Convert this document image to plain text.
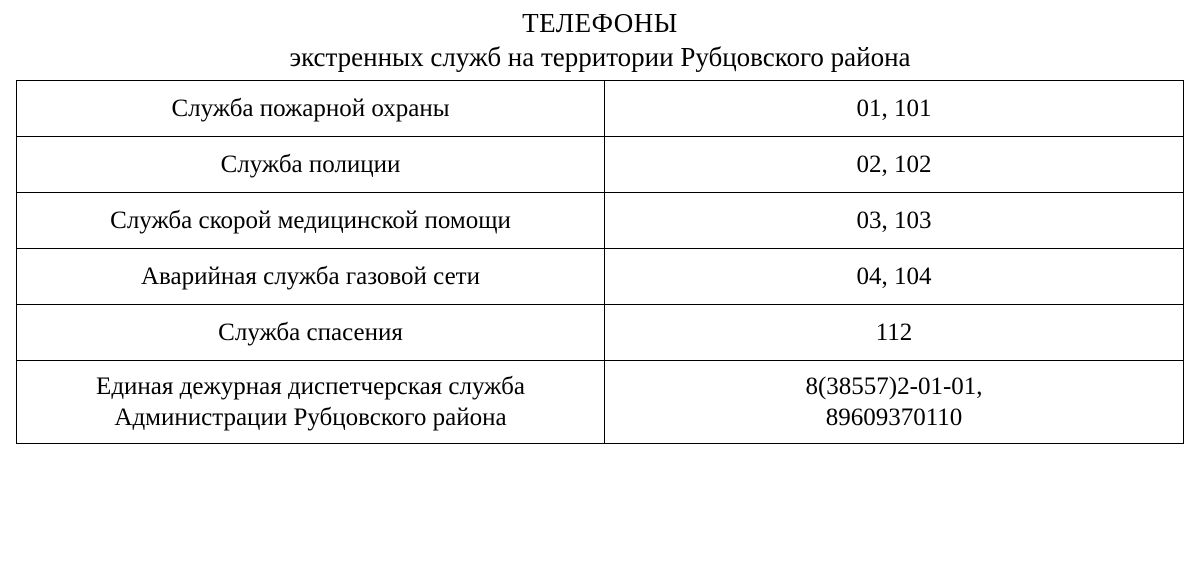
ТЕЛЕФОНЫ
экстренных служб на территории Рубцовского района
Служба пожарной охраны	01, 101
Служба полиции	02, 102
Служба скорой медицинской помощи	03, 103
Аварийная служба газовой сети	04, 104
Служба спасения	112
Единая дежурная диспетчерская служба Администрации Рубцовского района	8(38557)2-01-01,
89609370110
